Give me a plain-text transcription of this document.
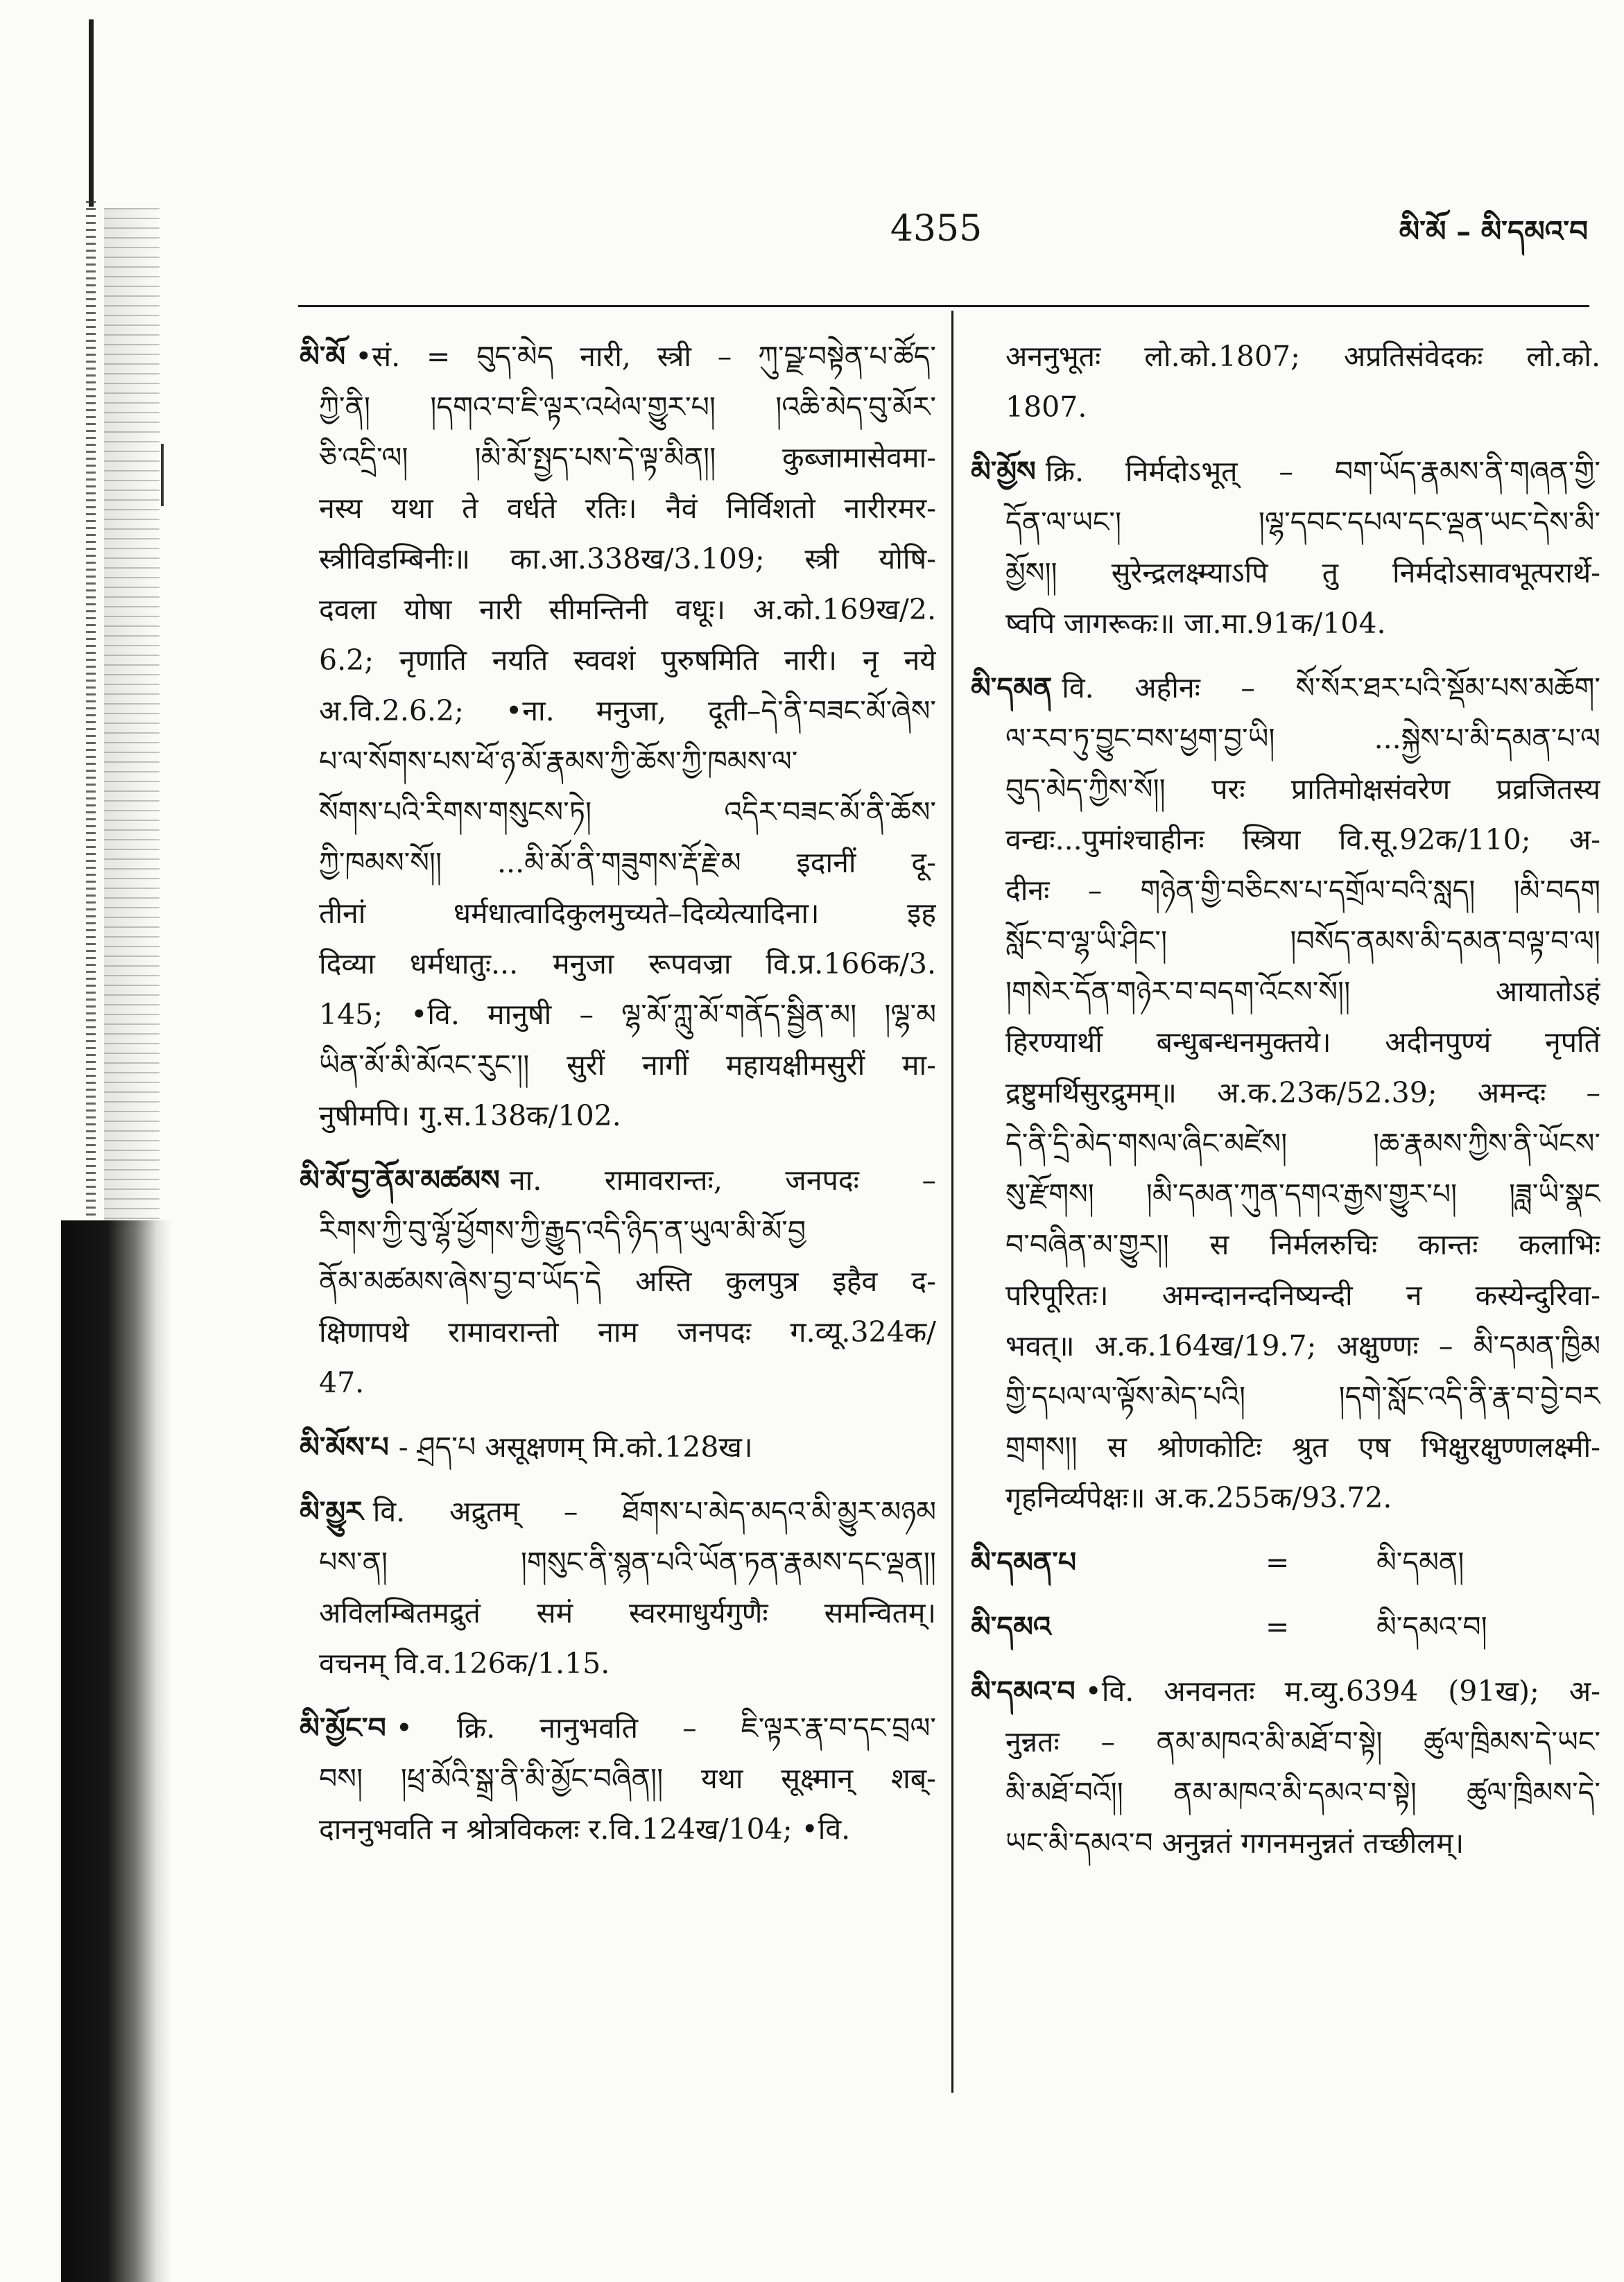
4355	མི་མོ – མི་དམའ་བ
མི་མོ •सं. = བུད་མེད नारी, स्त्री – ཀུ་བྫ་བསྟེན་པ་ཚོད་
ཀྱི་ནི། །དགའ་བ་ཇི་ལྟར་འཕེལ་གྱུར་པ། །འཆི་མེད་བུ་མོར་
ཅི་འདྲི་ལ། །མི་མོ་སྤྱད་པས་དེ་ལྟ་མིན།། कुब्जामासेवमा-
नस्य यथा ते वर्धते रतिः। नैवं निर्विशतो नारीरमर-
स्त्रीविडम्बिनीः॥ का.आ.338ख/3.109; स्त्री योषि-
दवला योषा नारी सीमन्तिनी वधूः। अ.को.169ख/2.
6.2; नृणाति नयति स्ववशं पुरुषमिति नारी। नृ नये
अ.वि.2.6.2; •ना. मनुजा, दूती–དེ་ནི་བཟང་མོ་ཞེས་
པ་ལ་སོགས་པས་ཕོ་ཉ་མོ་རྣམས་ཀྱི་ཆོས་ཀྱི་ཁམས་ལ་
སོགས་པའི་རིགས་གསུངས་ཏེ། འདིར་བཟང་མོ་ནི་ཆོས་
ཀྱི་ཁམས་སོ།། ...མི་མོ་ནི་གཟུགས་རྡོ་རྗེ་མ इदानीं दू-
तीनां धर्मधात्वादिकुलमुच्यते–दिव्येत्यादिना। इह
दिव्या धर्मधातुः... मनुजा रूपवज्रा वि.प्र.166क/3.
145; •वि. मानुषी – ལྷ་མོ་ཀླུ་མོ་གནོད་སྦྱིན་མ། །ལྷ་མ
ཡིན་མོ་མི་མོའང་རུང་།། सुरीं नागीं महायक्षीमसुरीं मा-
नुषीमपि। गु.स.138क/102.
མི་མོ་བྱ་ནོམ་མཚམས ना. रामावरान्तः, जनपदः –
རིགས་ཀྱི་བུ་ལྷོ་ཕྱོགས་ཀྱི་རྒྱུད་འདི་ཉིད་ན་ཡུལ་མི་མོ་བྱ
ནོམ་མཚམས་ཞེས་བྱ་བ་ཡོད་དེ अस्ति कुलपुत्र इहैव द-
क्षिणापथे रामावरान्तो नाम जनपदः ग.व्यू.324क/
47.
མི་མོས་པ - ཤྲད་པ असूक्षणम् मि.को.128ख।
མི་མྱུར वि. अद्रुतम् – ཐོགས་པ་མེད་མདའ་མི་མྱུར་མཉམ
པས་ན། །གསུང་ནི་སྙན་པའི་ཡོན་ཏན་རྣམས་དང་ལྡན།།
अविलम्बितमद्रुतं समं स्वरमाधुर्यगुणैः समन्वितम्।
वचनम् वि.व.126क/1.15.
མི་མྱོང་བ • क्रि. नानुभवति – ཇི་ལྟར་རྣ་བ་དང་བྲལ་
བས། །ཕྲ་མོའི་སྒྲ་ནི་མི་མྱོང་བཞིན།། यथा सूक्ष्मान् शब्-
दाननुभवति न श्रोत्रविकलः र.वि.124ख/104; •वि.
अननुभूतः लो.को.1807; अप्रतिसंवेदकः लो.को.
1807.
མི་མྱོས क्रि. निर्मदोऽभूत् – བག་ཡོད་རྣམས་ནི་གཞན་གྱི་
དོན་ལ་ཡང་། །ལྷ་དབང་དཔལ་དང་ལྡན་ཡང་དེས་མི་
མྱོས།། सुरेन्द्रलक्ष्म्याऽपि तु निर्मदोऽसावभूत्परार्थे-
ष्वपि जागरूकः॥ जा.मा.91क/104.
མི་དམན वि. अहीनः – སོ་སོར་ཐར་པའི་སྡོམ་པས་མཆོག་
ལ་རབ་ཏུ་བྱུང་བས་ཕྱག་བྱ་ཡི། ...སྐྱེས་པ་མི་དམན་པ་ལ
བུད་མེད་ཀྱིས་སོ།། परः प्रातिमोक्षसंवरेण प्रव्रजितस्य
वन्द्यः...पुमांश्चाहीनः स्त्रिया वि.सू.92क/110; अ-
दीनः – གཉེན་གྱི་བཅིངས་པ་དགྲོལ་བའི་སླད། །མི་བདག
སློང་བ་ལྷ་ཡི་ཤིང་། །བསོད་ནམས་མི་དམན་བལྟ་བ་ལ།
།གསེར་དོན་གཉེར་བ་བདག་འོངས་སོ།། आयातोऽहं
हिरण्यार्थी बन्धुबन्धनमुक्तये। अदीनपुण्यं नृपतिं
द्रष्टुमर्थिसुरद्रुमम्॥ अ.क.23क/52.39; अमन्दः –
དེ་ནི་དྲི་མེད་གསལ་ཞིང་མཛེས། །ཆ་རྣམས་ཀྱིས་ནི་ཡོངས་
སུ་རྫོགས། །མི་དམན་ཀུན་དགའ་རྒྱས་གྱུར་པ། །ཟླ་ཡི་སྣང
བ་བཞིན་མ་གྱུར།། स निर्मलरुचिः कान्तः कलाभिः
परिपूरितः। अमन्दानन्दनिष्यन्दी न कस्येन्दुरिवा-
भवत्॥ अ.क.164ख/19.7; अक्षुण्णः – མི་དམན་ཁྱིམ
གྱི་དཔལ་ལ་ལྟོས་མེད་པའི། །དགེ་སློང་འདི་ནི་རྣ་བ་བྱེ་བར
གྲགས།། स श्रोणकोटिः श्रुत एष भिक्षुरक्षुण्णलक्ष्मी-
गृहनिर्व्यपेक्षः॥ अ.क.255क/93.72.
མི་དམན་པ	=	མི་དམན།
མི་དམའ	=	མི་དམའ་བ།
མི་དམའ་བ •वि. अनवनतः म.व्यु.6394 (91ख); अ-
नुन्नतः – ནམ་མཁའ་མི་མཐོ་བ་སྟེ། ཚུལ་ཁྲིམས་དེ་ཡང་
མི་མཐོ་བའོ།། ནམ་མཁའ་མི་དམའ་བ་སྟེ། ཚུལ་ཁྲིམས་དེ་
ཡང་མི་དམའ་བ अनुन्नतं गगनमनुन्नतं तच्छीलम्।
